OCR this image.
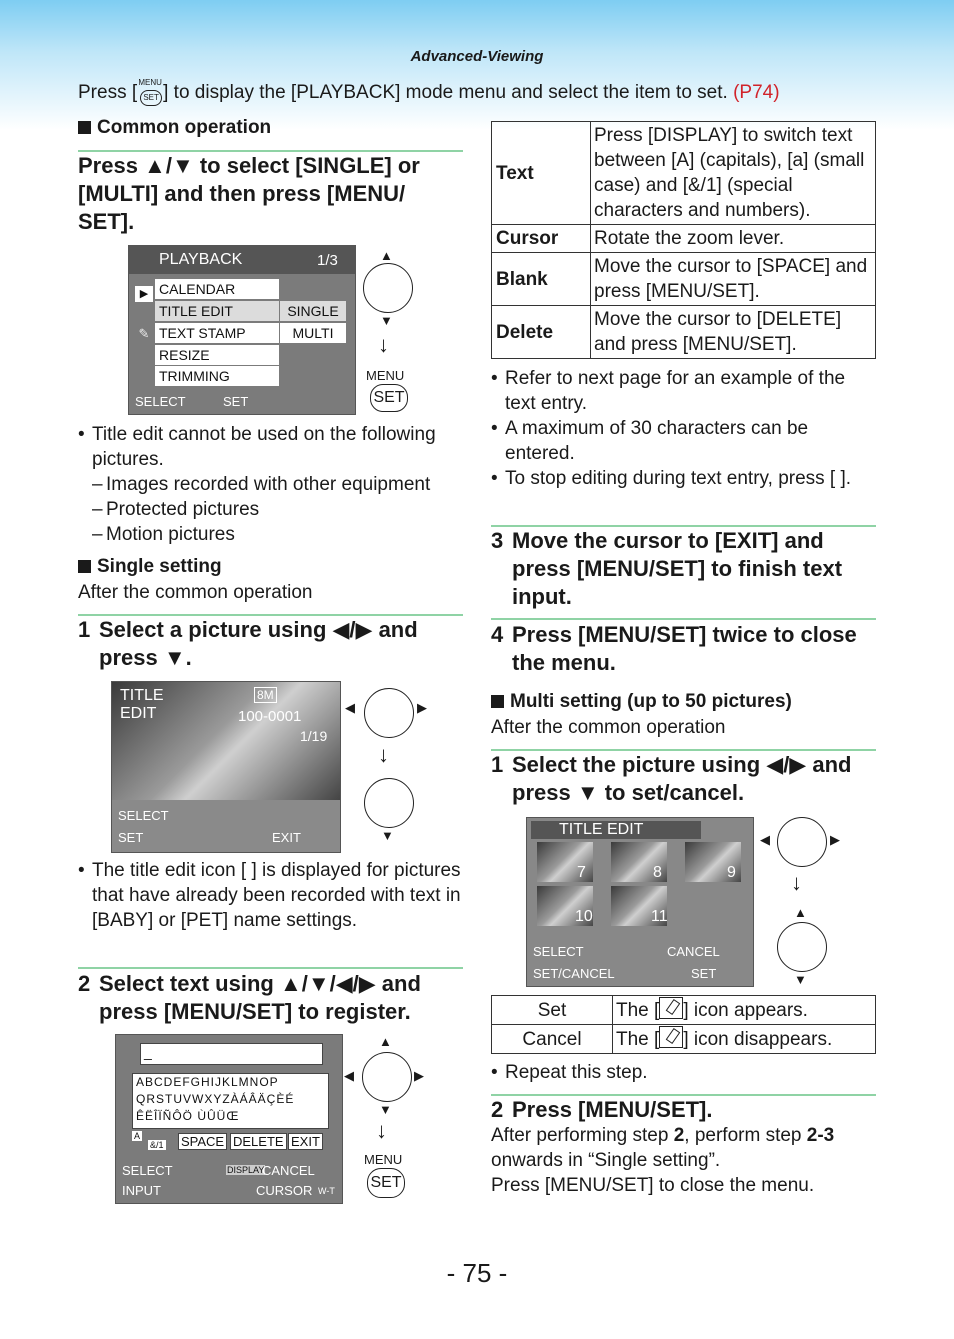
Advanced-Viewing
Press [ MENU
SET ] to display the [PLAYBACK] mode menu and select the item to set. (P74)
Common operation
Press ▲/▼ to select [SINGLE] or [MULTI] and then press [MENU/ SET].
PLAYBACK	1/3
▶
✎
CALENDAR
TITLE EDIT
TEXT STAMP
RESIZE
TRIMMING
SINGLE
MULTI
SELECT	SET
▲
▼
↓
MENU
SET
• Title edit cannot be used on the following pictures.
– Images recorded with other equipment
– Protected pictures
– Motion pictures
Single setting
After the common operation
1 Select a picture using ◀/▶ and press ▼.
TITLE
EDIT
8M
100-0001
1/19
SELECT
SET	EXIT
◀	▶
↓
▼
• The title edit icon [ ] is displayed for pictures that have already been recorded with text in [BABY] or [PET] name settings.
2 Select text using ▲/▼/◀/▶ and press [MENU/SET] to register.
_
ABCDEFGHIJKLMNOP
QRSTUVWXYZÀÁÂÄÇÈÉ
ÊËÎÏÑÔÖ ÙÛÜŒ
A
&/1 SPACE DELETE EXIT
SELECT	DISPLAY
CANCEL
INPUT	CURSOR W-T
▲
◀	▶
▼
↓
MENU
SET
Text	Press [DISPLAY] to switch text between [A] (capitals), [a] (small case) and [&/1] (special characters and numbers).
Cursor	Rotate the zoom lever.
Blank	Move the cursor to [SPACE] and press [MENU/SET].
Delete	Move the cursor to [DELETE] and press [MENU/SET].
• Refer to next page for an example of the text entry.
• A maximum of 30 characters can be entered.
• To stop editing during text entry, press [ ].
3 Move the cursor to [EXIT] and press [MENU/SET] to finish text input.
4 Press [MENU/SET] twice to close the menu.
Multi setting (up to 50 pictures)
After the common operation
1 Select the picture using ◀/▶ and press ▼ to set/cancel.
TITLE EDIT
7	8	9
10	11
SELECT	CANCEL
SET/CANCEL	SET
◀	▶
↓
▲
▼
Set	The [ ] icon appears.
Cancel	The [ ] icon disappears.
• Repeat this step.
2 Press [MENU/SET].
After performing step 2, perform step 2-3
onwards in “Single setting”.
Press [MENU/SET] to close the menu.
- 75 -
